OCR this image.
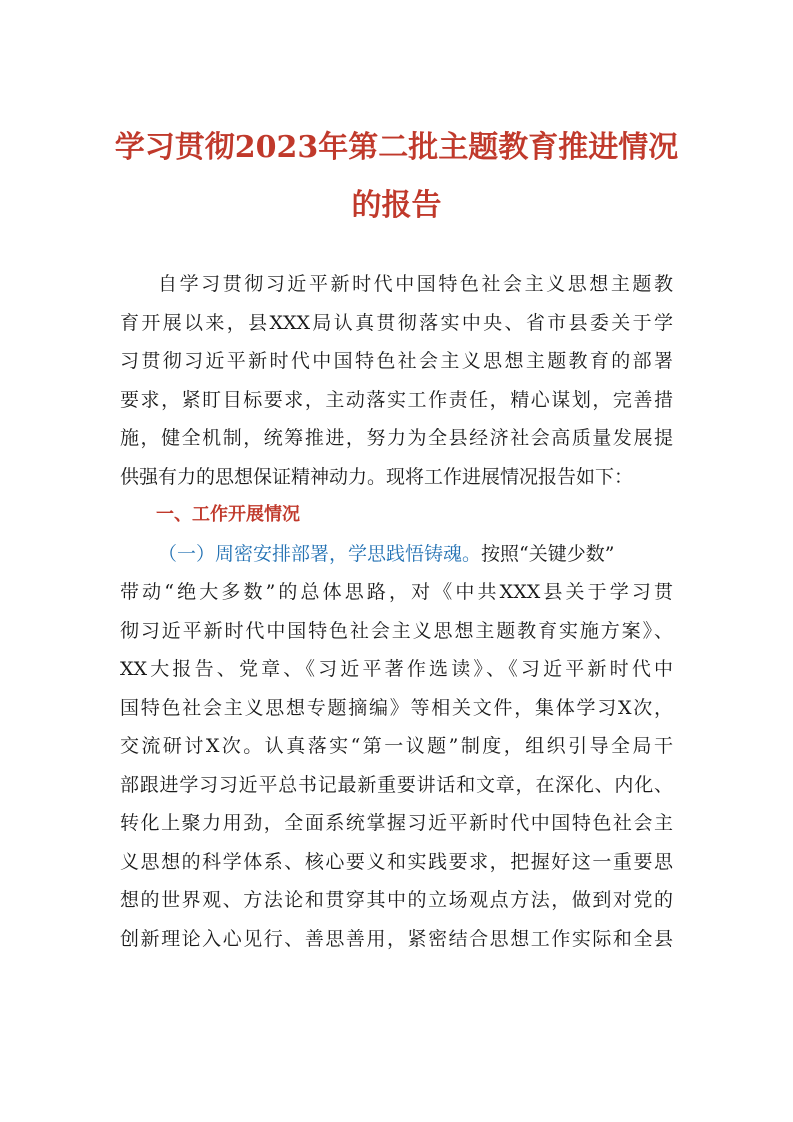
学习贯彻2023年第二批主题教育推进情况
的报告
自学习贯彻习近平新时代中国特色社会主义思想主题教
育开展以来，县XXX局认真贯彻落实中央、省市县委关于学
习贯彻习近平新时代中国特色社会主义思想主题教育的部署
要求，紧盯目标要求，主动落实工作责任，精心谋划，完善措
施，健全机制，统筹推进，努力为全县经济社会高质量发展提
供强有力的思想保证精神动力。现将工作进展情况报告如下：
一、工作开展情况
（一）周密安排部署，学思践悟铸魂。按照“关键少数”
带动“绝大多数”的总体思路，对《中共XXX县关于学习贯
彻习近平新时代中国特色社会主义思想主题教育实施方案》、
XX大报告、党章、《习近平著作选读》、《习近平新时代中
国特色社会主义思想专题摘编》等相关文件，集体学习X次，
交流研讨X次。认真落实“第一议题”制度，组织引导全局干
部跟进学习习近平总书记最新重要讲话和文章，在深化、内化、
转化上聚力用劲，全面系统掌握习近平新时代中国特色社会主
义思想的科学体系、核心要义和实践要求，把握好这一重要思
想的世界观、方法论和贯穿其中的立场观点方法，做到对党的
创新理论入心见行、善思善用，紧密结合思想工作实际和全县
